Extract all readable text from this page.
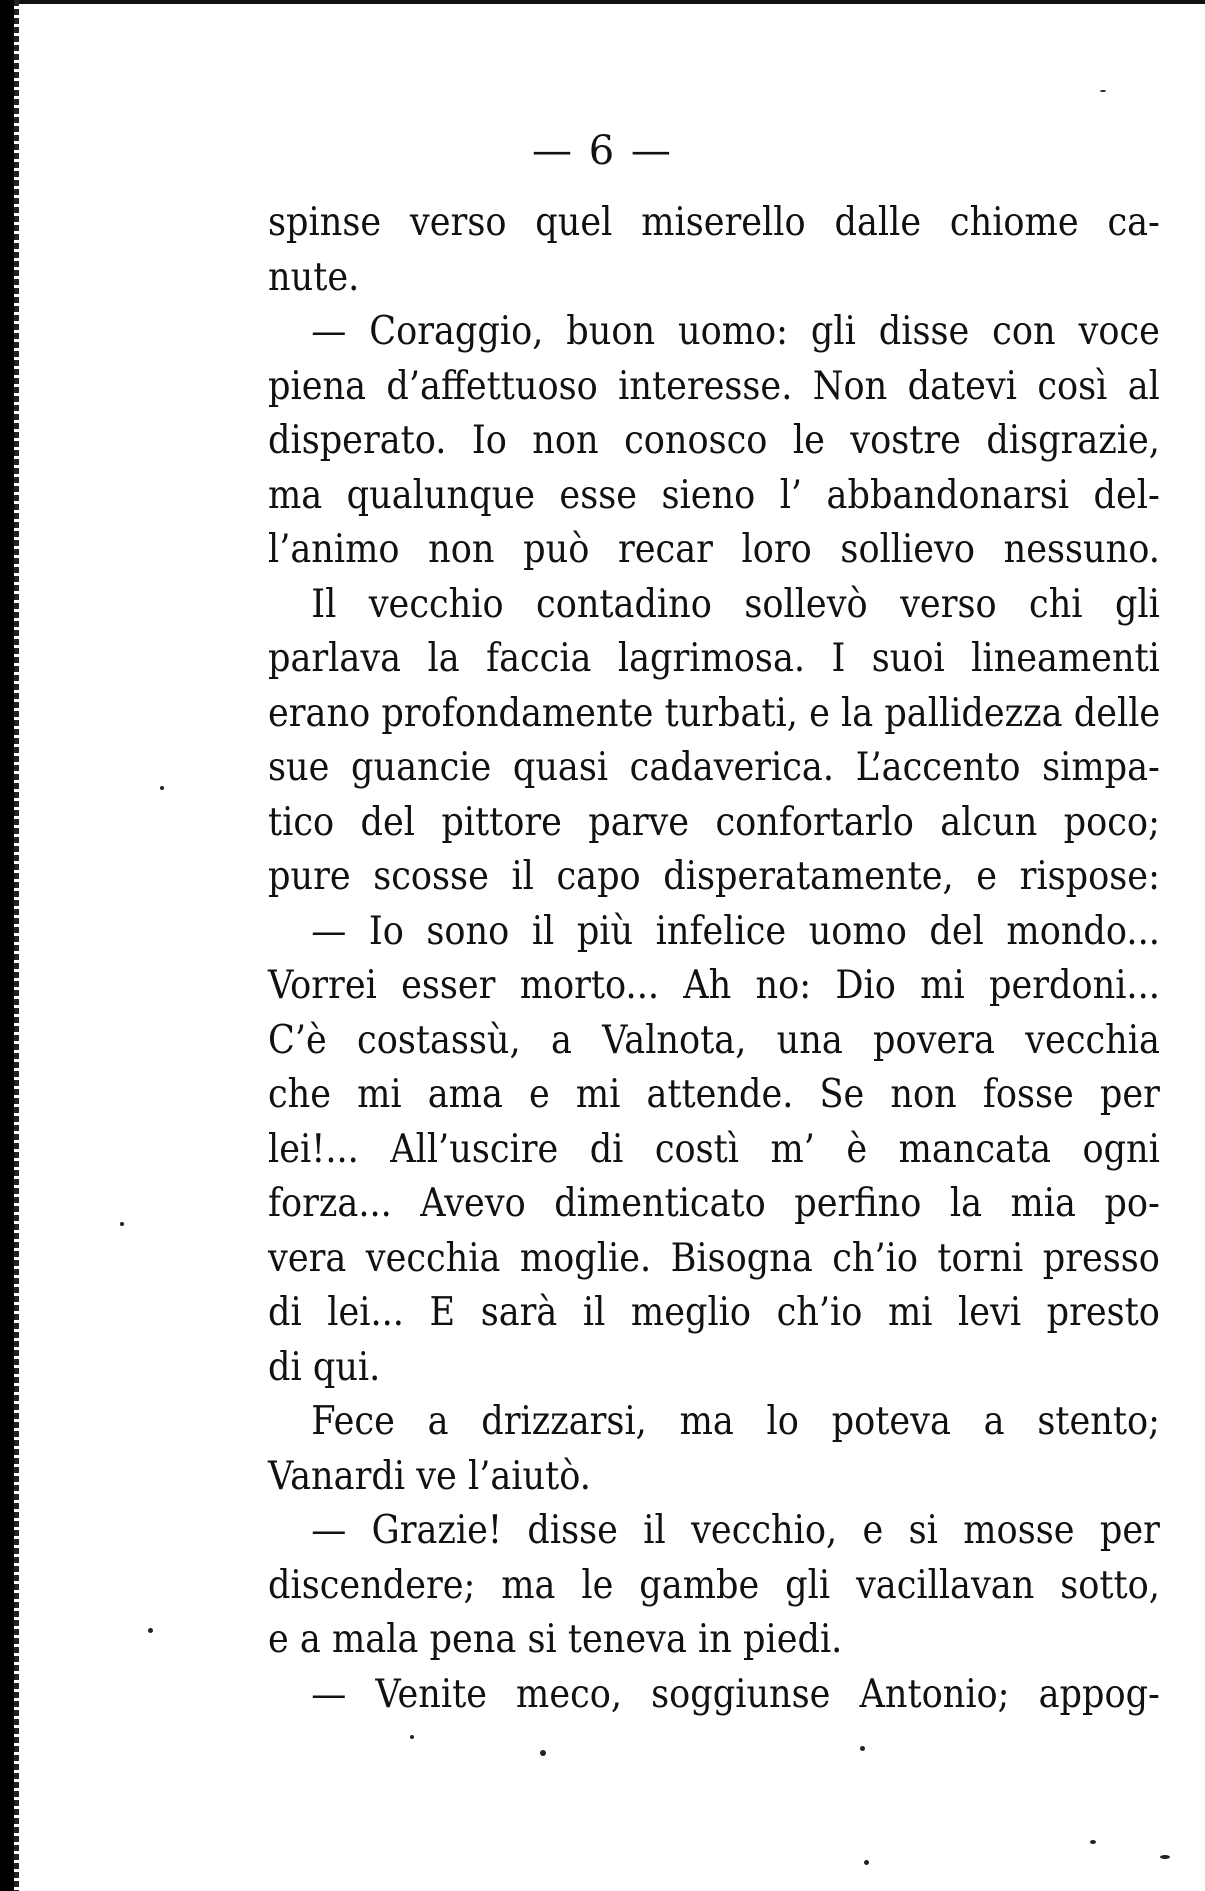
— 6 —
spinse verso quel miserello dalle chiome ca-
nute.
— Coraggio, buon uomo: gli disse con voce
piena d’affettuoso interesse. Non datevi così al
disperato. Io non conosco le vostre disgrazie,
ma qualunque esse sieno l’ abbandonarsi del-
l’animo non può recar loro sollievo nessuno.
Il vecchio contadino sollevò verso chi gli
parlava la faccia lagrimosa. I suoi lineamenti
erano profondamente turbati, e la pallidezza delle
sue guancie quasi cadaverica. L’accento simpa-
tico del pittore parve confortarlo alcun poco;
pure scosse il capo disperatamente, e rispose:
— Io sono il più infelice uomo del mondo...
Vorrei esser morto... Ah no: Dio mi perdoni...
C’è costassù, a Valnota, una povera vecchia
che mi ama e mi attende. Se non fosse per
lei!... All’uscire di costì m’ è mancata ogni
forza... Avevo dimenticato perfino la mia po-
vera vecchia moglie. Bisogna ch’io torni presso
di lei... E sarà il meglio ch’io mi levi presto
di qui.
Fece a drizzarsi, ma lo poteva a stento;
Vanardi ve l’aiutò.
— Grazie! disse il vecchio, e si mosse per
discendere; ma le gambe gli vacillavan sotto,
e a mala pena si teneva in piedi.
— Venite meco, soggiunse Antonio; appog-
